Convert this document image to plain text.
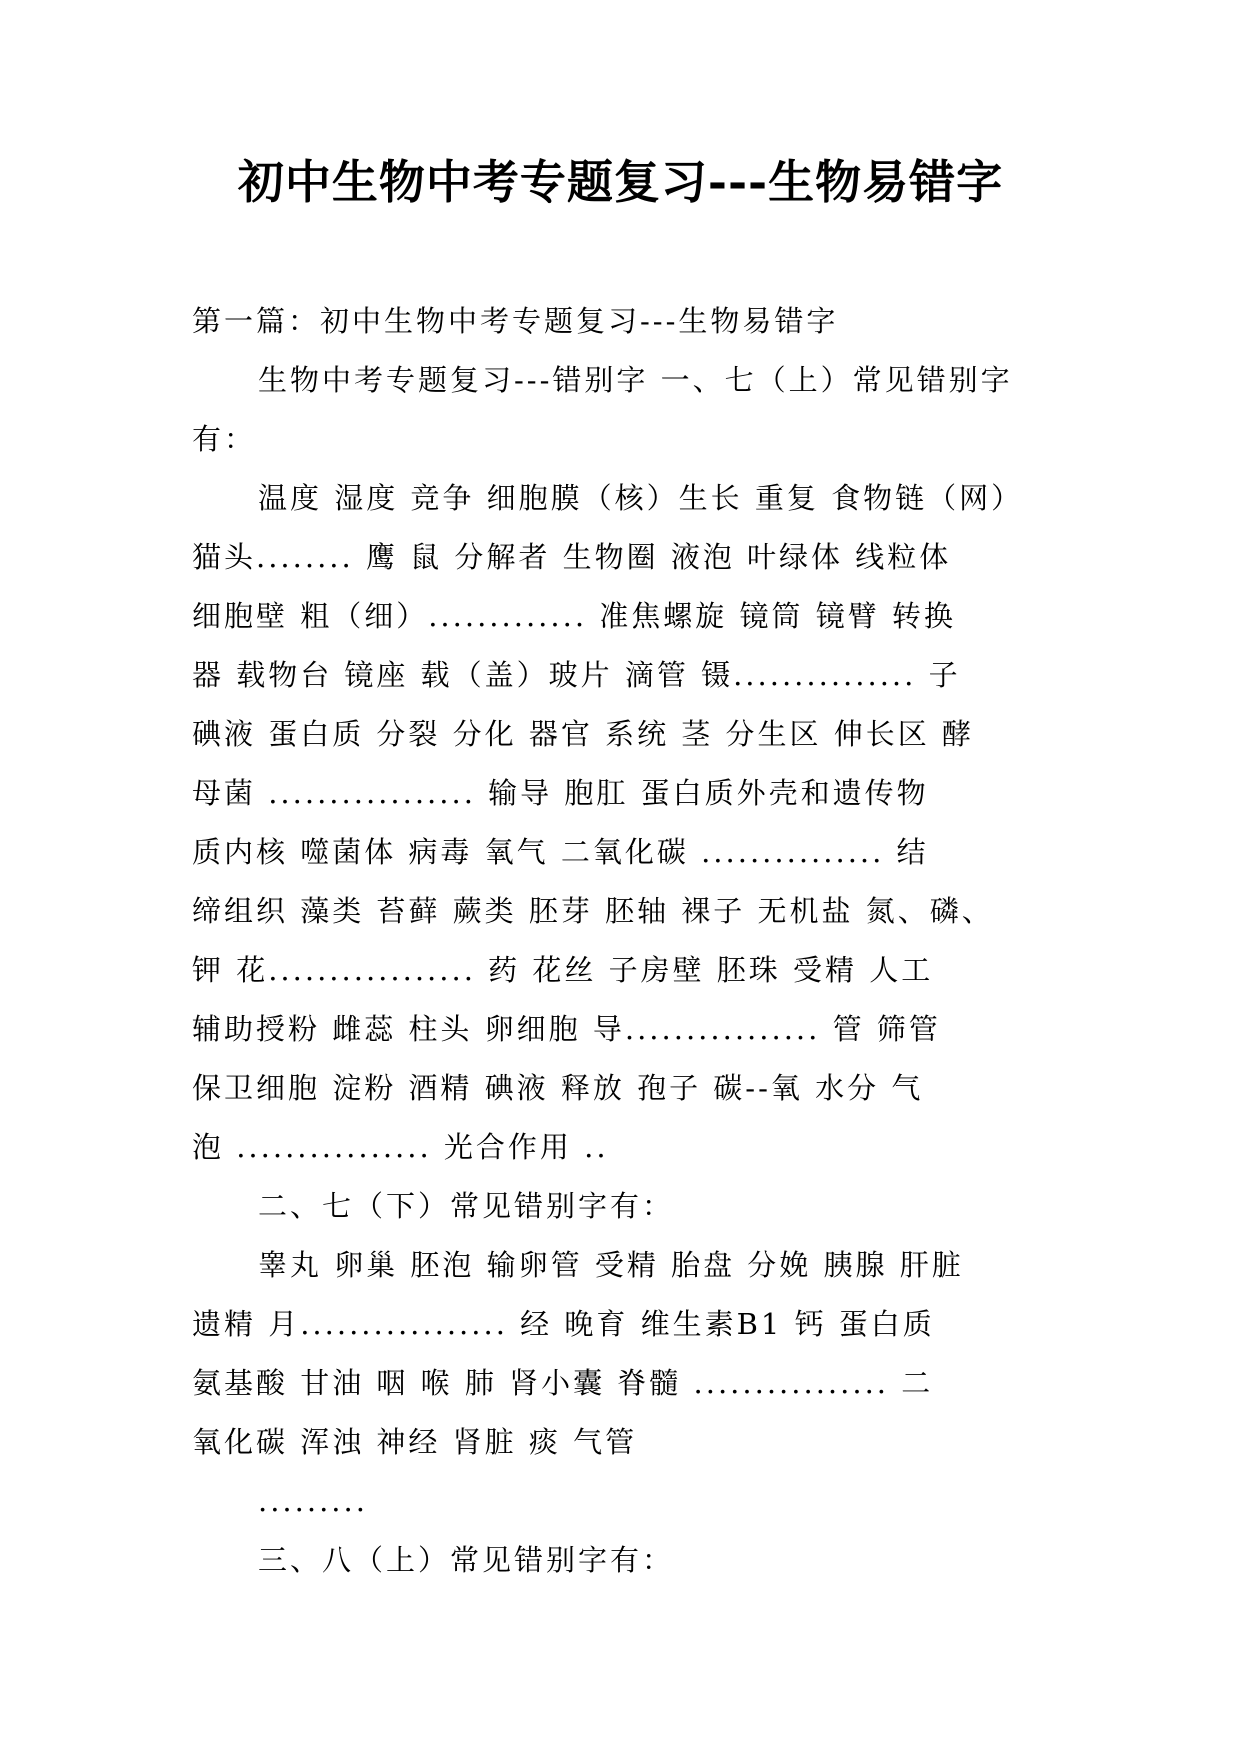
初中生物中考专题复习---生物易错字
第一篇：初中生物中考专题复习---生物易错字
生物中考专题复习---错别字 一、七（上）常见错别字
有：
温度 湿度 竞争 细胞膜（核）生长 重复 食物链（网）
猫头........ 鹰 鼠 分解者 生物圈 液泡 叶绿体 线粒体
细胞壁 粗（细）............. 准焦螺旋 镜筒 镜臂 转换
器 载物台 镜座 载（盖）玻片 滴管 镊............... 子
碘液 蛋白质 分裂 分化 器官 系统 茎 分生区 伸长区 酵
母菌 ................. 输导 胞肛 蛋白质外壳和遗传物
质内核 噬菌体 病毒 氧气 二氧化碳 ............... 结
缔组织 藻类 苔藓 蕨类 胚芽 胚轴 裸子 无机盐 氮、磷、
钾 花................. 药 花丝 子房壁 胚珠 受精 人工
辅助授粉 雌蕊 柱头 卵细胞 导................ 管 筛管
保卫细胞 淀粉 酒精 碘液 释放 孢子 碳--氧 水分 气
泡 ................ 光合作用 ..
二、七（下）常见错别字有：
睾丸 卵巢 胚泡 输卵管 受精 胎盘 分娩 胰腺 肝脏
遗精 月................. 经 晚育 维生素B1 钙 蛋白质
氨基酸 甘油 咽 喉 肺 肾小囊 脊髓 ................ 二
氧化碳 浑浊 神经 肾脏 痰 气管
.........
三、八（上）常见错别字有：
